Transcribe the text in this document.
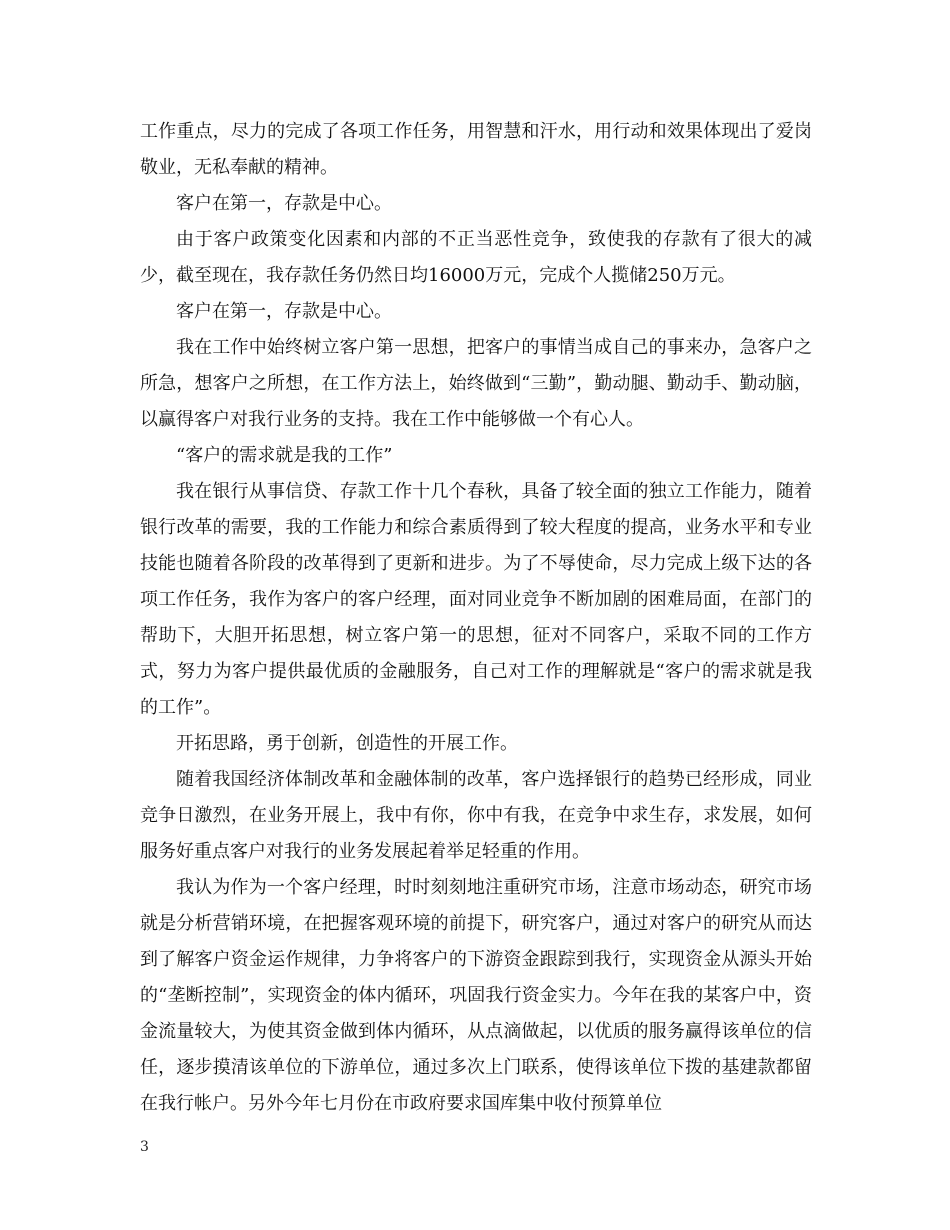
工作重点，尽力的完成了各项工作任务，用智慧和汗水，用行动和效果体现出了爱岗敬业，无私奉献的精神。

客户在第一，存款是中心。

由于客户政策变化因素和内部的不正当恶性竞争，致使我的存款有了很大的减少，截至现在，我存款任务仍然日均16000万元，完成个人揽储250万元。

客户在第一，存款是中心。

我在工作中始终树立客户第一思想，把客户的事情当成自己的事来办，急客户之所急，想客户之所想，在工作方法上，始终做到“三勤”，勤动腿、勤动手、勤动脑，以赢得客户对我行业务的支持。我在工作中能够做一个有心人。

“客户的需求就是我的工作”

我在银行从事信贷、存款工作十几个春秋，具备了较全面的独立工作能力，随着银行改革的需要，我的工作能力和综合素质得到了较大程度的提高，业务水平和专业技能也随着各阶段的改革得到了更新和进步。为了不辱使命，尽力完成上级下达的各项工作任务，我作为客户的客户经理，面对同业竞争不断加剧的困难局面，在部门的帮助下，大胆开拓思想，树立客户第一的思想，征对不同客户，采取不同的工作方式，努力为客户提供最优质的金融服务，自己对工作的理解就是“客户的需求就是我的工作”。

开拓思路，勇于创新，创造性的开展工作。

随着我国经济体制改革和金融体制的改革，客户选择银行的趋势已经形成，同业竞争日激烈，在业务开展上，我中有你，你中有我，在竞争中求生存，求发展，如何服务好重点客户对我行的业务发展起着举足轻重的作用。

我认为作为一个客户经理，时时刻刻地注重研究市场，注意市场动态，研究市场就是分析营销环境，在把握客观环境的前提下，研究客户，通过对客户的研究从而达到了解客户资金运作规律，力争将客户的下游资金跟踪到我行，实现资金从源头开始的“垄断控制”，实现资金的体内循环，巩固我行资金实力。今年在我的某客户中，资金流量较大，为使其资金做到体内循环，从点滴做起，以优质的服务赢得该单位的信任，逐步摸清该单位的下游单位，通过多次上门联系，使得该单位下拨的基建款都留在我行帐户。另外今年七月份在市政府要求国库集中收付预算单位

3
